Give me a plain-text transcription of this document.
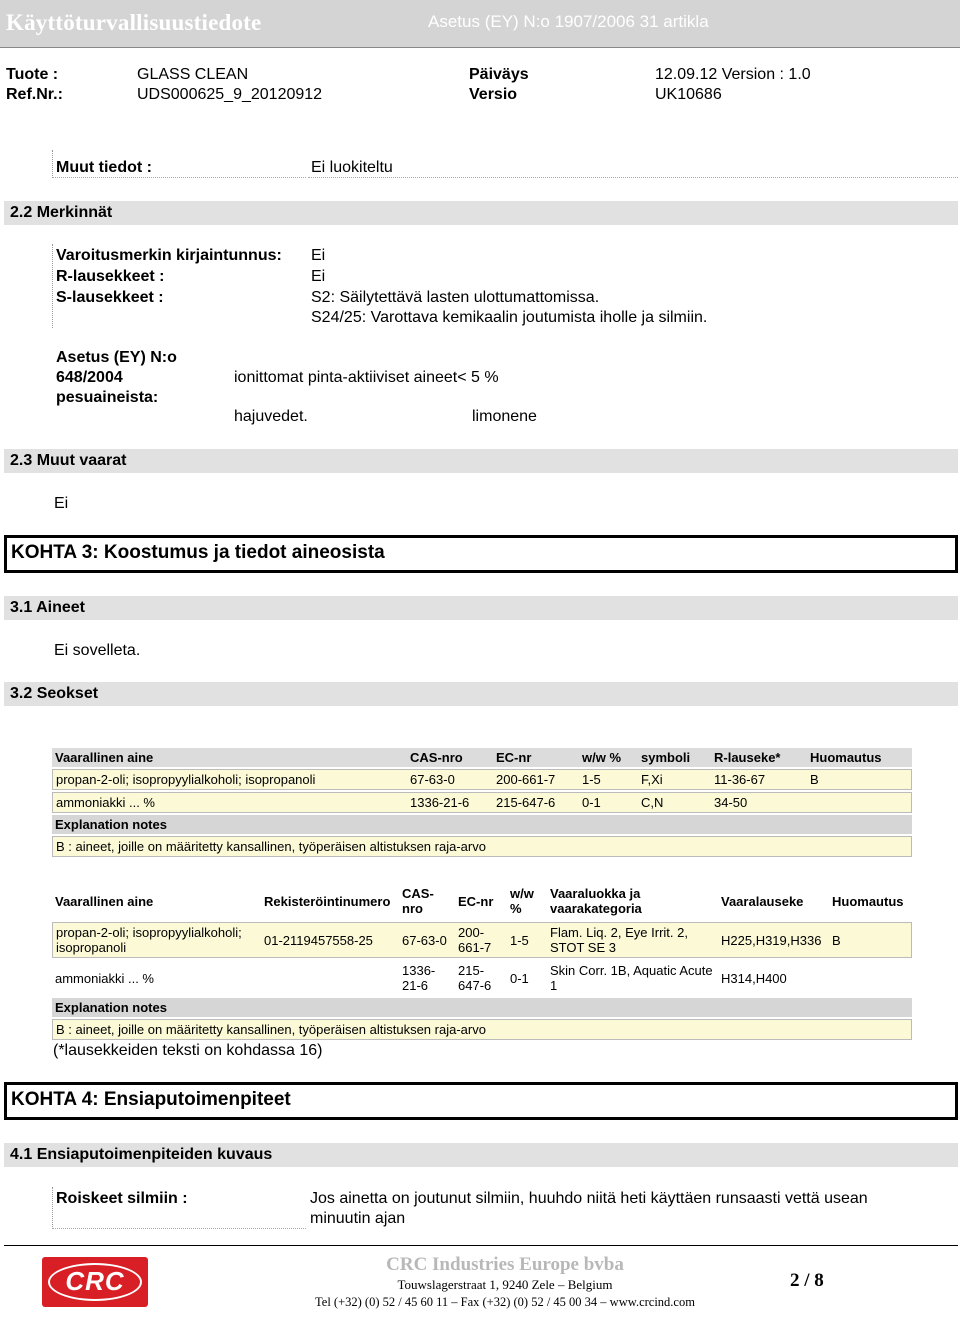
Käyttöturvallisuustiedote	Asetus (EY) N:o 1907/2006 31 artikla
Tuote :	GLASS CLEAN	Päiväys	12.09.12 Version : 1.0
Ref.Nr.:	UDS000625_9_20120912	Versio	UK10686
Muut tiedot :	Ei luokiteltu
2.2 Merkinnät
Varoitusmerkin kirjaintunnus: Ei
R-lausekkeet :	Ei
S-lausekkeet :	S2: Säilytettävä lasten ulottumattomissa.
S24/25: Varottava kemikaalin joutumista iholle ja silmiin.
Asetus (EY) N:o
648/2004
pesuaineista:
ionittomat pinta-aktiiviset aineet< 5 %
hajuvedet.	limonene
2.3 Muut vaarat
Ei
KOHTA 3: Koostumus ja tiedot aineosista
3.1 Aineet
Ei sovelleta.
3.2 Seokset
Vaarallinen aine	CAS-nro	EC-nr	w/w %	symboli	R-lauseke*	Huomautus
propan-2-oli; isopropyylialkoholi; isopropanoli	67-63-0	200-661-7	1-5	F,Xi	11-36-67	B
ammoniakki ... %	1336-21-6	215-647-6	0-1	C,N	34-50	
Explanation notes						
B : aineet, joille on määritetty kansallinen, työperäisen altistuksen raja-arvo						
Vaarallinen aine	Rekisteröintinumero	CAS-nro	EC-nr	w/w %	Vaaraluokka ja vaarakategoria	Vaaralauseke	Huomautus
propan-2-oli; isopropyylialkoholi; isopropanoli	01-2119457558-25	67-63-0	200-661-7	1-5	Flam. Liq. 2, Eye Irrit. 2, STOT SE 3	H225,H319,H336	B
ammoniakki ... %		1336-21-6	215-647-6	0-1	Skin Corr. 1B, Aquatic Acute 1	H314,H400	
Explanation notes							
B : aineet, joille on määritetty kansallinen, työperäisen altistuksen raja-arvo							
(*lausekkeiden teksti on kohdassa 16)
KOHTA 4: Ensiaputoimenpiteet
4.1 Ensiaputoimenpiteiden kuvaus
Roiskeet silmiin :	Jos ainetta on joutunut silmiin, huuhdo niitä heti käyttäen runsaasti vettä usean
minuutin ajan
CRC
CRC Industries Europe bvba
Touwslagerstraat 1, 9240 Zele – Belgium
Tel (+32) (0) 52 / 45 60 11 – Fax (+32) (0) 52 / 45 00 34 – www.crcind.com
2 / 8
